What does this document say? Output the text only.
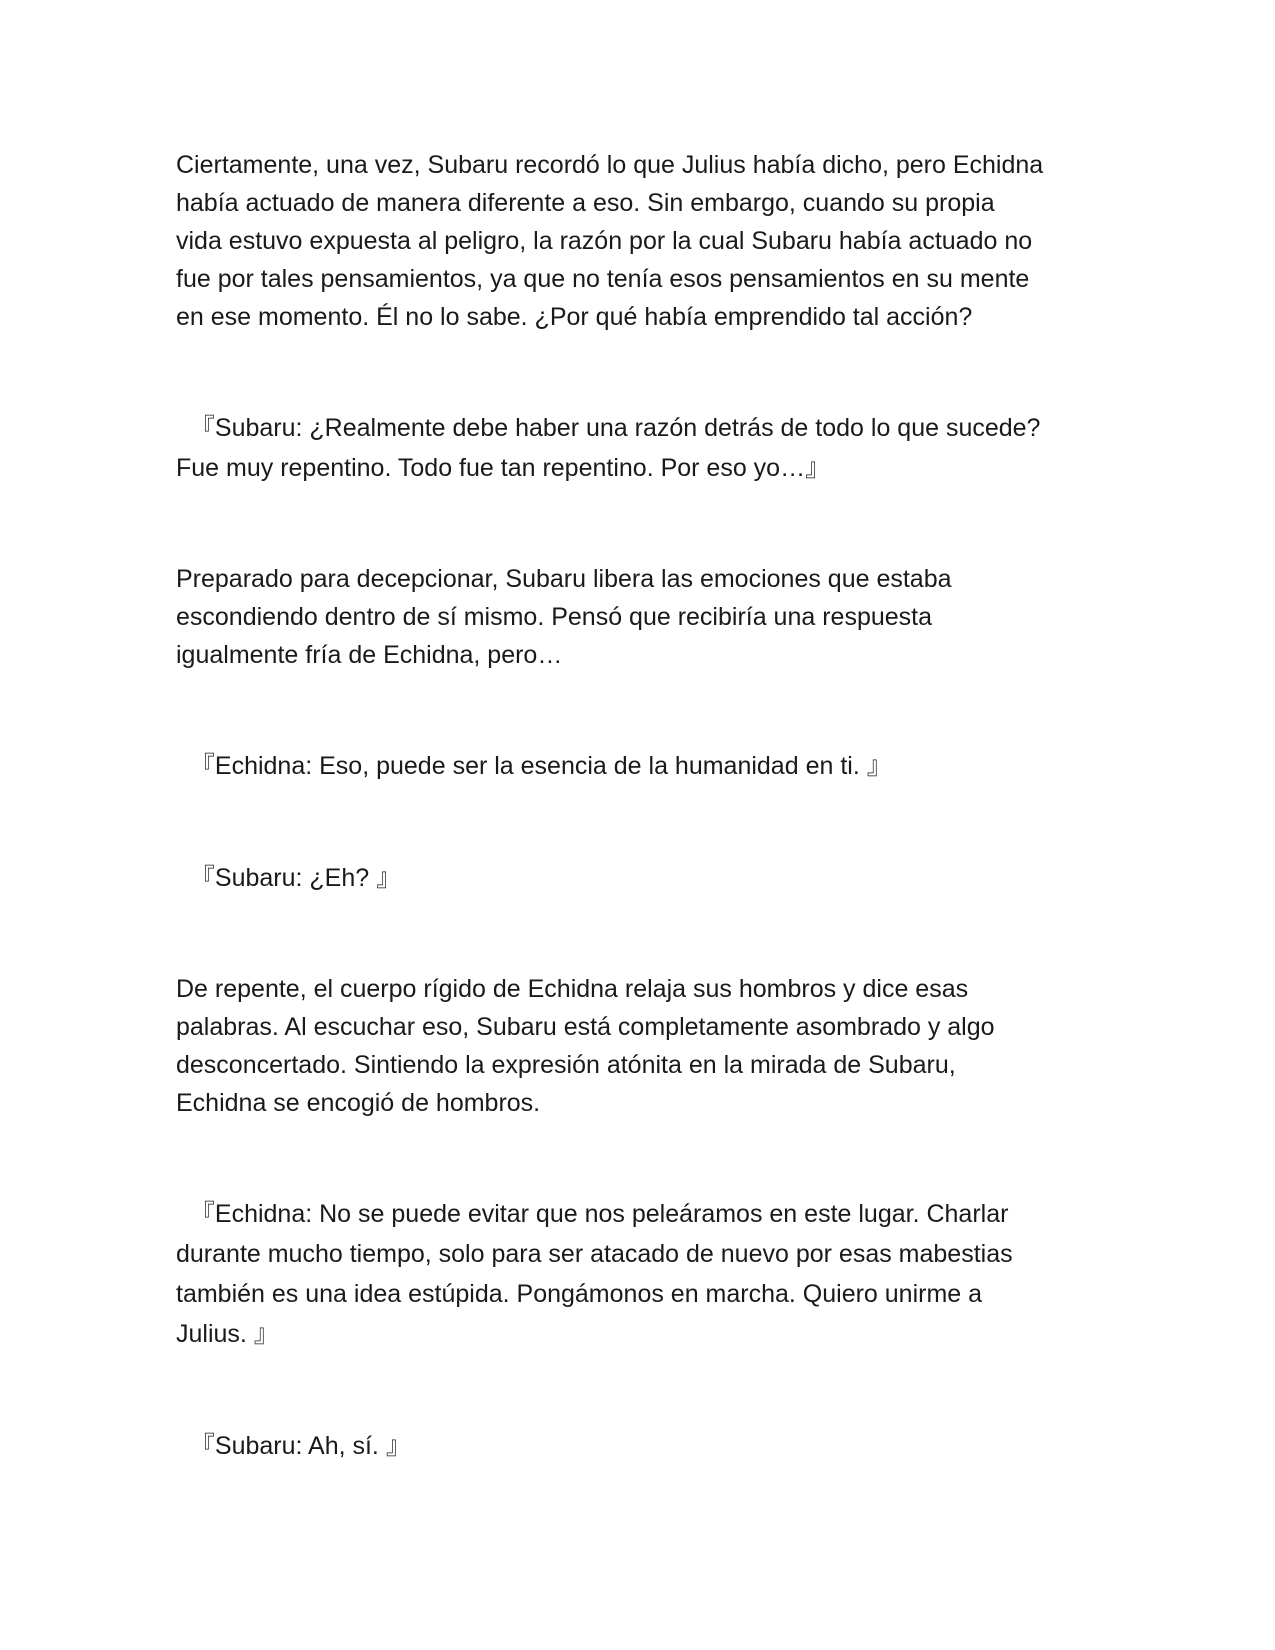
Ciertamente, una vez, Subaru recordó lo que Julius había dicho, pero Echidna
había actuado de manera diferente a eso. Sin embargo, cuando su propia
vida estuvo expuesta al peligro, la razón por la cual Subaru había actuado no
fue por tales pensamientos, ya que no tenía esos pensamientos en su mente
en ese momento. Él no lo sabe. ¿Por qué había emprendido tal acción?

『Subaru: ¿Realmente debe haber una razón detrás de todo lo que sucede?
Fue muy repentino. Todo fue tan repentino. Por eso yo…』

Preparado para decepcionar, Subaru libera las emociones que estaba
escondiendo dentro de sí mismo. Pensó que recibiría una respuesta
igualmente fría de Echidna, pero…

『Echidna: Eso, puede ser la esencia de la humanidad en ti. 』

『Subaru: ¿Eh? 』

De repente, el cuerpo rígido de Echidna relaja sus hombros y dice esas
palabras. Al escuchar eso, Subaru está completamente asombrado y algo
desconcertado. Sintiendo la expresión atónita en la mirada de Subaru,
Echidna se encogió de hombros.

『Echidna: No se puede evitar que nos peleáramos en este lugar. Charlar
durante mucho tiempo, solo para ser atacado de nuevo por esas mabestias
también es una idea estúpida. Pongámonos en marcha. Quiero unirme a
Julius. 』

『Subaru: Ah, sí. 』
